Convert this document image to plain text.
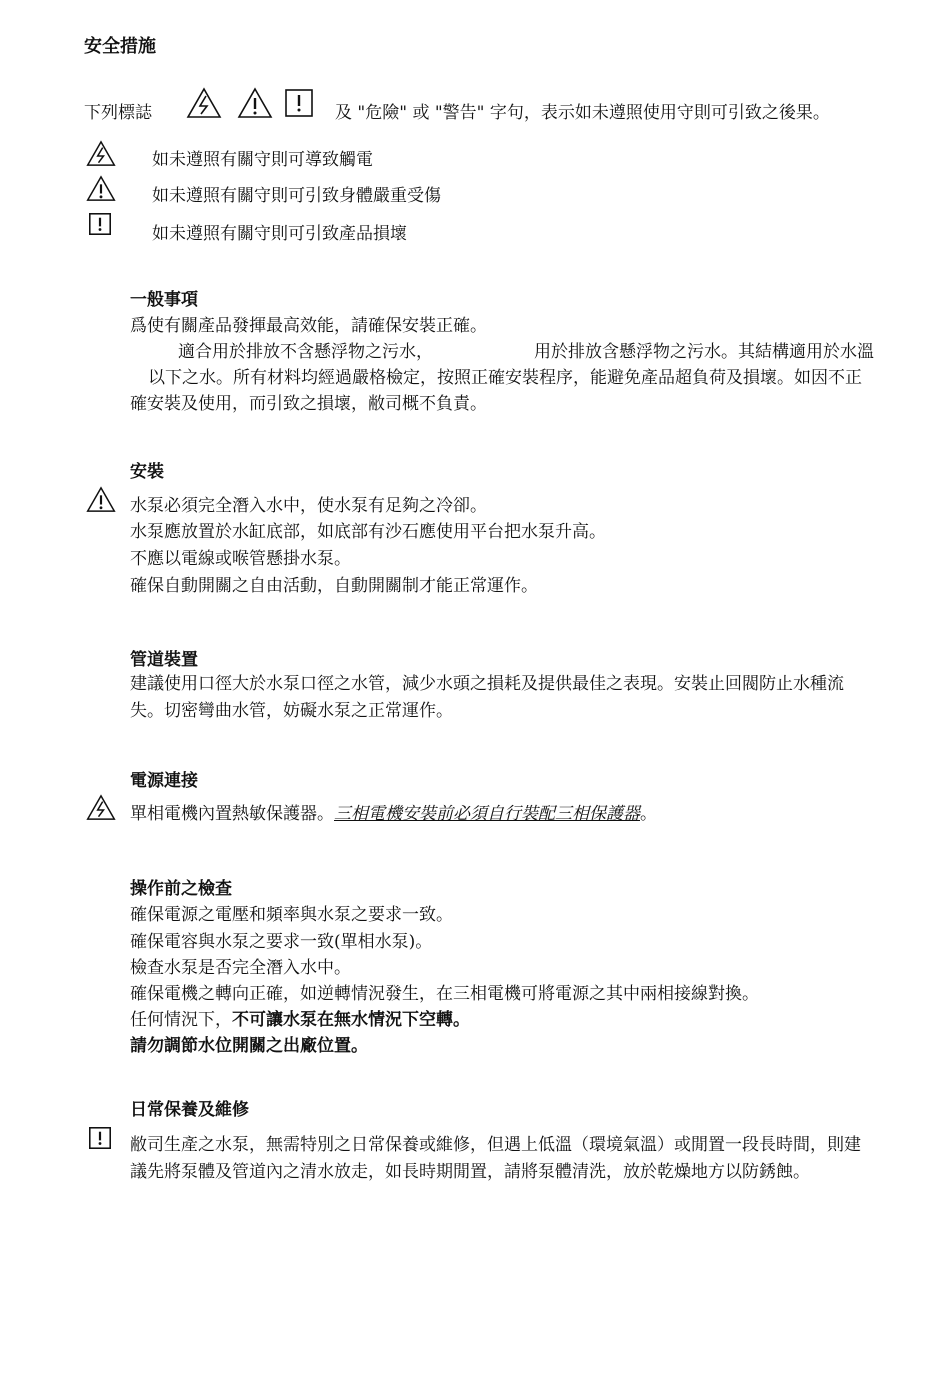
安全措施
下列標誌	及 "危險" 或 "警告" 字句，表示如未遵照使用守則可引致之後果。
如未遵照有關守則可導致觸電
如未遵照有關守則可引致身體嚴重受傷
如未遵照有關守則可引致產品損壞
一般事項
爲使有關產品發揮最高效能，請確保安裝正確。
適合用於排放不含懸浮物之污水，	用於排放含懸浮物之污水。其結構適用於水溫
以下之水。所有材料均經過嚴格檢定，按照正確安裝程序，能避免產品超負荷及損壞。如因不正
確安裝及使用，而引致之損壞，敝司概不負責。
安裝
水泵必須完全潛入水中，使水泵有足夠之冷卻。
水泵應放置於水缸底部，如底部有沙石應使用平台把水泵升高。
不應以電線或喉管懸掛水泵。
確保自動開關之自由活動，自動開關制才能正常運作。
管道裝置
建議使用口徑大於水泵口徑之水管，減少水頭之損耗及提供最佳之表現。安裝止回閥防止水種流
失。切密彎曲水管，妨礙水泵之正常運作。
電源連接
單相電機內置熱敏保護器。三相電機安裝前必須自行裝配三相保護器。
操作前之檢查
確保電源之電壓和頻率與水泵之要求一致。
確保電容與水泵之要求一致(單相水泵)。
檢查水泵是否完全潛入水中。
確保電機之轉向正確，如逆轉情況發生，在三相電機可將電源之其中兩相接線對換。
任何情況下，不可讓水泵在無水情況下空轉。
請勿調節水位開關之出廠位置。
日常保養及維修
敝司生產之水泵，無需特別之日常保養或維修，但遇上低溫（環境氣溫）或閒置一段長時間，則建
議先將泵體及管道內之清水放走，如長時期閒置，請將泵體清洗，放於乾燥地方以防銹蝕。
